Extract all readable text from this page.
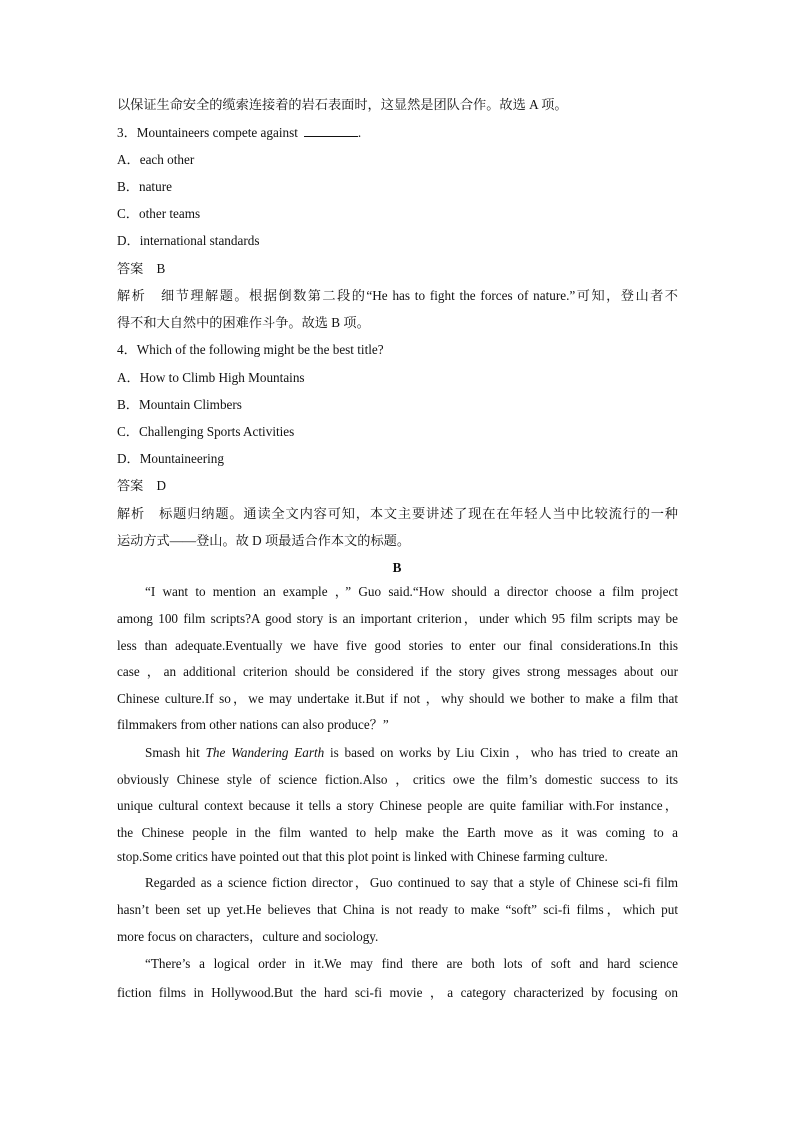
以保证生命安全的缆索连接着的岩石表面时，这显然是团队合作。故选 A 项。
3．Mountaineers compete against	.
A．each other
B．nature
C．other teams
D．international standards
答案　B
解析　细节理解题。根据倒数第二段的“He has to fight the forces of nature.”可知，登山者不
得不和大自然中的困难作斗争。故选 B 项。
4．Which of the following might be the best title?
A．How to Climb High Mountains
B．Mountain Climbers
C．Challenging Sports Activities
D．Mountaineering
答案　D
解析　标题归纳题。通读全文内容可知，本文主要讲述了现在在年轻人当中比较流行的一种
运动方式——登山。故 D 项最适合作本文的标题。
B
“I want to mention an example ，” Guo said.“How should a director choose a film project
among 100 film scripts?A good story is an important criterion，under which 95 film scripts may be
less than adequate.Eventually we have five good stories to enter our final considerations.In this
case ，an additional criterion should be considered if the story gives strong messages about our
Chinese culture.If so，we may undertake it.But if not ，why should we bother to make a film that
filmmakers from other nations can also produce？”
Smash hit The Wandering Earth is based on works by Liu Cixin ，who has tried to create an
obviously Chinese style of science fiction.Also ，critics owe the film’s domestic success to its
unique cultural context because it tells a story Chinese people are quite familiar with.For instance，
the Chinese people in the film wanted to help make the Earth move as it was coming to a
stop.Some critics have pointed out that this plot point is linked with Chinese farming culture.
Regarded as a science fiction director，Guo continued to say that a style of Chinese sci-fi film
hasn’t been set up yet.He believes that China is not ready to make “soft” sci-fi films，which put
more focus on characters，culture and sociology.
“There’s a logical order in it.We may find there are both lots of soft and hard science
fiction films in Hollywood.But the hard sci-fi movie ，a category characterized by focusing on
